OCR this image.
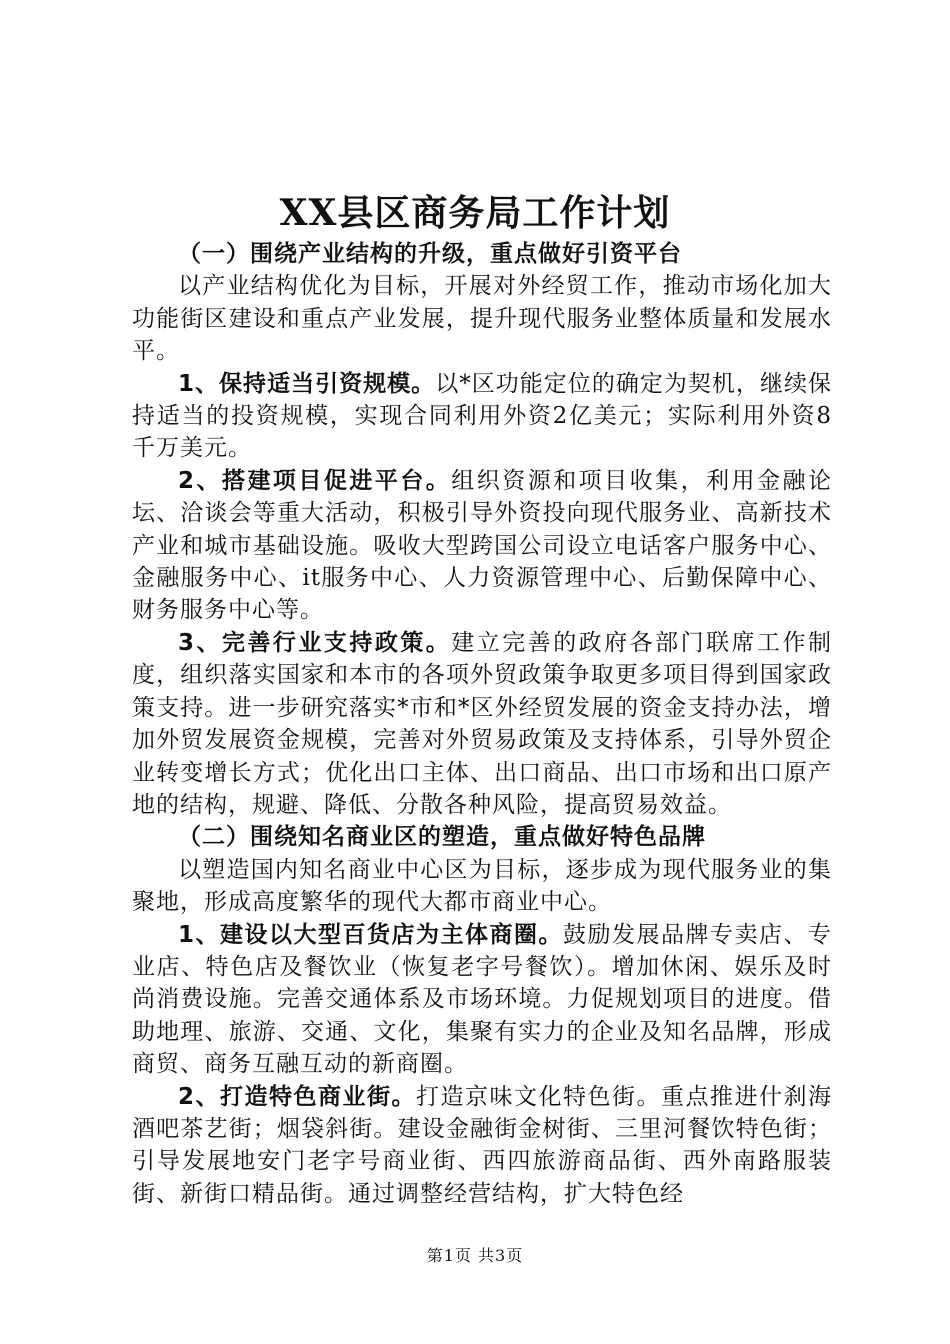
XX县区商务局工作计划

（一）围绕产业结构的升级，重点做好引资平台

以产业结构优化为目标，开展对外经贸工作，推动市场化加大功能街区建设和重点产业发展，提升现代服务业整体质量和发展水平。

1、保持适当引资规模。以*区功能定位的确定为契机，继续保持适当的投资规模，实现合同利用外资2亿美元；实际利用外资8千万美元。

2、搭建项目促进平台。组织资源和项目收集，利用金融论坛、洽谈会等重大活动，积极引导外资投向现代服务业、高新技术产业和城市基础设施。吸收大型跨国公司设立电话客户服务中心、金融服务中心、it服务中心、人力资源管理中心、后勤保障中心、财务服务中心等。

3、完善行业支持政策。建立完善的政府各部门联席工作制度，组织落实国家和本市的各项外贸政策争取更多项目得到国家政策支持。进一步研究落实*市和*区外经贸发展的资金支持办法，增加外贸发展资金规模，完善对外贸易政策及支持体系，引导外贸企业转变增长方式；优化出口主体、出口商品、出口市场和出口原产地的结构，规避、降低、分散各种风险，提高贸易效益。

（二）围绕知名商业区的塑造，重点做好特色品牌

以塑造国内知名商业中心区为目标，逐步成为现代服务业的集聚地，形成高度繁华的现代大都市商业中心。

1、建设以大型百货店为主体商圈。鼓励发展品牌专卖店、专业店、特色店及餐饮业（恢复老字号餐饮）。增加休闲、娱乐及时尚消费设施。完善交通体系及市场环境。力促规划项目的进度。借助地理、旅游、交通、文化，集聚有实力的企业及知名品牌，形成商贸、商务互融互动的新商圈。

2、打造特色商业街。打造京味文化特色街。重点推进什刹海酒吧茶艺街；烟袋斜街。建设金融街金树街、三里河餐饮特色街；引导发展地安门老字号商业街、西四旅游商品街、西外南路服装街、新街口精品街。通过调整经营结构，扩大特色经

第1页 共3页
